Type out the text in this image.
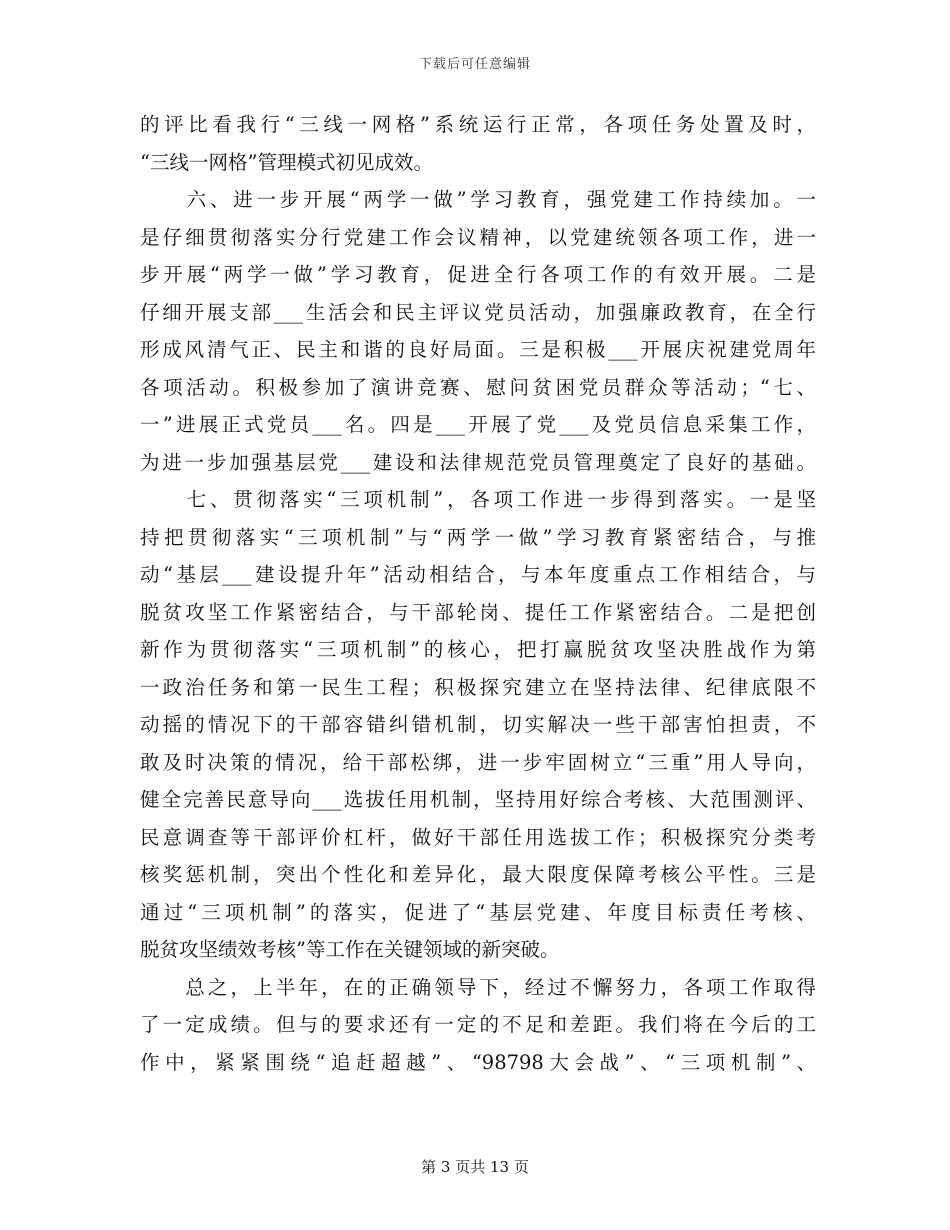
下载后可任意编辑
的评比看我行“三线一网格”系统运行正常，各项任务处置及时，
“三线一网格”管理模式初见成效。
　　六、进一步开展“两学一做”学习教育，强党建工作持续加。一
是仔细贯彻落实分行党建工作会议精神，以党建统领各项工作，进一
步开展“两学一做”学习教育，促进全行各项工作的有效开展。二是
仔细开展支部___生活会和民主评议党员活动，加强廉政教育，在全行
形成风清气正、民主和谐的良好局面。三是积极___开展庆祝建党周年
各项活动。积极参加了演讲竞赛、慰问贫困党员群众等活动；“七、
一”进展正式党员___名。四是___开展了党___及党员信息采集工作，
为进一步加强基层党___建设和法律规范党员管理奠定了良好的基础。
　　七、贯彻落实“三项机制”，各项工作进一步得到落实。一是坚
持把贯彻落实“三项机制”与“两学一做”学习教育紧密结合，与推
动“基层___建设提升年”活动相结合，与本年度重点工作相结合，与
脱贫攻坚工作紧密结合，与干部轮岗、提任工作紧密结合。二是把创
新作为贯彻落实“三项机制”的核心，把打赢脱贫攻坚决胜战作为第
一政治任务和第一民生工程；积极探究建立在坚持法律、纪律底限不
动摇的情况下的干部容错纠错机制，切实解决一些干部害怕担责，不
敢及时决策的情况，给干部松绑，进一步牢固树立“三重”用人导向，
健全完善民意导向___选拔任用机制，坚持用好综合考核、大范围测评、
民意调查等干部评价杠杆，做好干部任用选拔工作；积极探究分类考
核奖惩机制，突出个性化和差异化，最大限度保障考核公平性。三是
通过“三项机制”的落实，促进了“基层党建、年度目标责任考核、
脱贫攻坚绩效考核”等工作在关键领域的新突破。
　　总之，上半年，在的正确领导下，经过不懈努力，各项工作取得
了一定成绩。但与的要求还有一定的不足和差距。我们将在今后的工
作中，紧紧围绕“追赶超越”、“98798大会战”、“三项机制”、
第 3 页共 13 页
